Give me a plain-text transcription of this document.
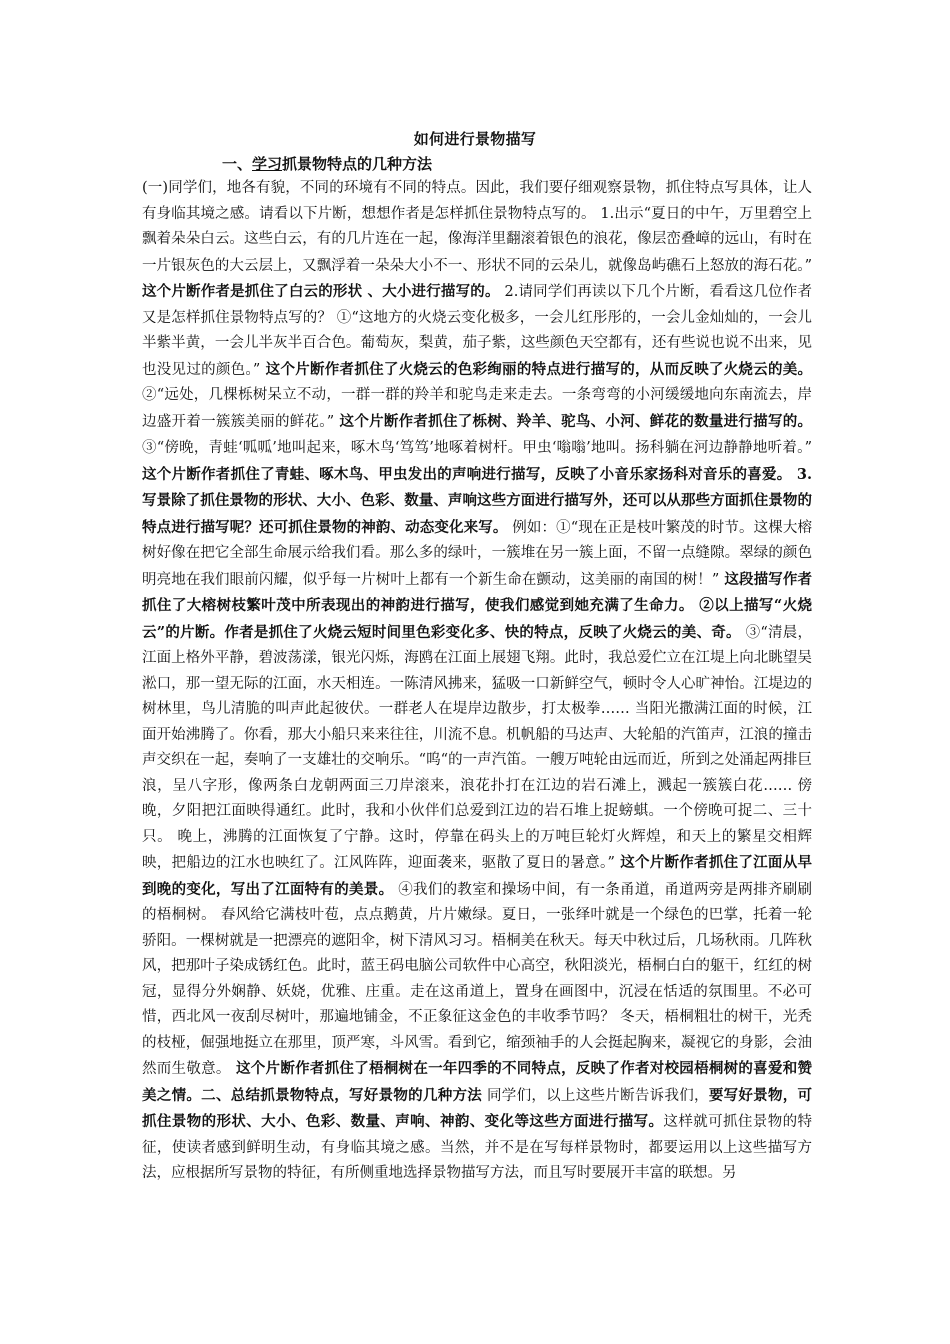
如何进行景物描写
一、学习抓景物特点的几种方法

(一)同学们，地各有貌，不同的环境有不同的特点。因此，我们要仔细观察景物，抓住特点写具体，让人有身临其境之感。请看以下片断，想想作者是怎样抓住景物特点写的。 1.出示“夏日的中午，万里碧空上飘着朵朵白云。这些白云，有的几片连在一起，像海洋里翻滚着银色的浪花，像层峦叠嶂的远山，有时在一片银灰色的大云层上，又飘浮着一朵朵大小不一、形状不同的云朵儿，就像岛屿礁石上怒放的海石花。” 这个片断作者是抓住了白云的形状 、大小进行描写的。 2.请同学们再读以下几个片断，看看这几位作者又是怎样抓住景物特点写的？ ①“这地方的火烧云变化极多，一会儿红彤彤的，一会儿金灿灿的，一会儿半紫半黄，一会儿半灰半百合色。葡萄灰，梨黄，茄子紫，这些颜色天空都有，还有些说也说不出来，见也没见过的颜色。” 这个片断作者抓住了火烧云的色彩绚丽的特点进行描写的，从而反映了火烧云的美。 ②“远处，几棵栎树呆立不动，一群一群的羚羊和驼鸟走来走去。一条弯弯的小河缓缓地向东南流去，岸边盛开着一簇簇美丽的鲜花。” 这个片断作者抓住了栎树、羚羊、驼鸟、小河、鲜花的数量进行描写的。 ③“傍晚，青蛙‘呱呱’地叫起来，啄木鸟‘笃笃’地啄着树杆。甲虫‘嗡嗡’地叫。扬科躺在河边静静地听着。” 这个片断作者抓住了青蛙、啄木鸟、甲虫发出的声响进行描写，反映了小音乐家扬科对音乐的喜爱。 3.写景除了抓住景物的形状、大小、色彩、数量、声响这些方面进行描写外，还可以从那些方面抓住景物的特点进行描写呢？还可抓住景物的神韵、动态变化来写。 例如：①“现在正是枝叶繁茂的时节。这棵大榕树好像在把它全部生命展示给我们看。那么多的绿叶，一簇堆在另一簇上面，不留一点缝隙。翠绿的颜色明亮地在我们眼前闪耀，似乎每一片树叶上都有一个新生命在颤动，这美丽的南国的树！” 这段描写作者抓住了大榕树枝繁叶茂中所表现出的神韵进行描写，使我们感觉到她充满了生命力。 ②以上描写“火烧云”的片断。作者是抓住了火烧云短时间里色彩变化多、快的特点，反映了火烧云的美、奇。 ③“清晨，江面上格外平静，碧波荡漾，银光闪烁，海鸥在江面上展翅飞翔。此时，我总爱伫立在江堤上向北眺望吴淞口，那一望无际的江面，水天相连。一陈清风拂来，猛吸一口新鲜空气，顿时令人心旷神怡。江堤边的树林里，鸟儿清脆的叫声此起彼伏。一群老人在堤岸边散步，打太极拳…… 当阳光撒满江面的时候，江面开始沸腾了。你看，那大小船只来来往往，川流不息。机帆船的马达声、大轮船的汽笛声，江浪的撞击声交织在一起，奏响了一支雄壮的交响乐。“呜“的一声汽笛。一艘万吨轮由远而近，所到之处涌起两排巨浪，呈八字形，像两条白龙朝两面三刀岸滚来，浪花扑打在江边的岩石滩上，溅起一簇簇白花…… 傍晚，夕阳把江面映得通红。此时，我和小伙伴们总爱到江边的岩石堆上捉螃蜞。一个傍晚可捉二、三十只。 晚上，沸腾的江面恢复了宁静。这时，停靠在码头上的万吨巨轮灯火辉煌，和天上的繁星交相辉映，把船边的江水也映红了。江风阵阵，迎面袭来，驱散了夏日的暑意。” 这个片断作者抓住了江面从早到晚的变化，写出了江面特有的美景。 ④我们的教室和操场中间，有一条甬道，甬道两旁是两排齐刷刷的梧桐树。 春风给它满枝叶苞，点点鹅黄，片片嫩绿。夏日，一张绎叶就是一个绿色的巴掌，托着一轮骄阳。一棵树就是一把漂亮的遮阳伞，树下清风习习。梧桐美在秋天。每天中秋过后，几场秋雨。几阵秋风，把那叶子染成锈红色。此时，蓝王码电脑公司软件中心高空，秋阳淡光，梧桐白白的躯干，红红的树冠，显得分外娴静、妖娆，优雅、庄重。走在这甬道上，置身在画图中，沉浸在恬适的氛围里。不必可惜，西北风一夜刮尽树叶，那遍地铺金，不正象征这金色的丰收季节吗？ 冬天，梧桐粗壮的树干，光秃的枝桠，倔强地挺立在那里，顶严寒，斗风雪。看到它，缩颈袖手的人会挺起胸来，凝视它的身影，会油然而生敬意。 这个片断作者抓住了梧桐树在一年四季的不同特点，反映了作者对校园梧桐树的喜爱和赞美之情。二、总结抓景物特点，写好景物的几种方法 同学们，以上这些片断告诉我们，要写好景物，可抓住景物的形状、大小、色彩、数量、声响、神韵、变化等这些方面进行描写。这样就可抓住景物的特征，使读者感到鲜明生动，有身临其境之感。当然，并不是在写每样景物时，都要运用以上这些描写方法，应根据所写景物的特征，有所侧重地选择景物描写方法，而且写时要展开丰富的联想。另
